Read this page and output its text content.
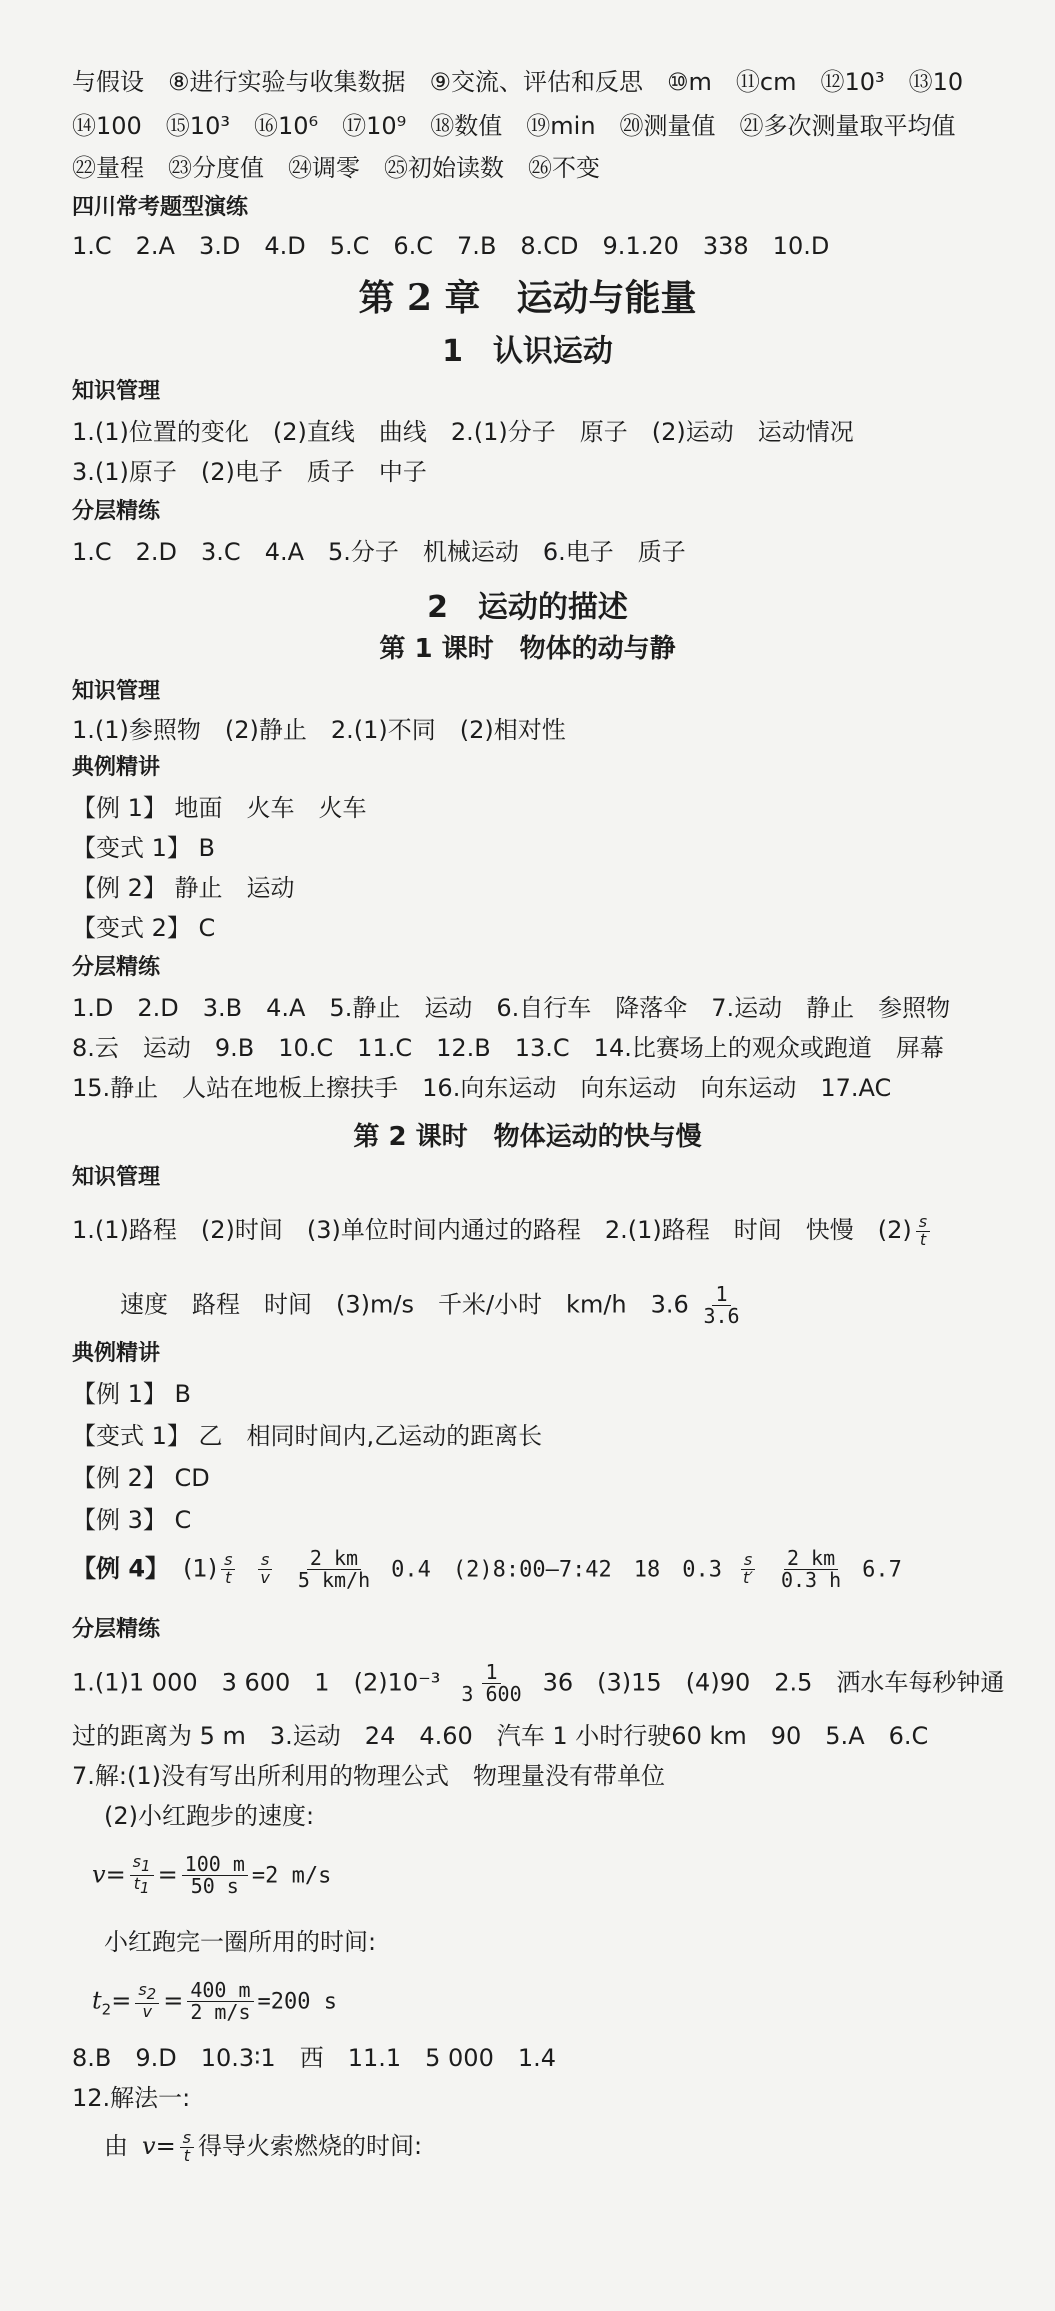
与假设　⑧进行实验与收集数据　⑨交流、评估和反思　⑩m　⑪cm　⑫10³　⑬10
⑭100　⑮10³　⑯10⁶　⑰10⁹　⑱数值　⑲min　⑳测量值　㉑多次测量取平均值
㉒量程　㉓分度值　㉔调零　㉕初始读数　㉖不变
四川常考题型演练
1.C　2.A　3.D　4.D　5.C　6.C　7.B　8.CD　9.1.20　338　10.D
第 2 章　运动与能量
1　认识运动
知识管理
1.(1)位置的变化　(2)直线　曲线　2.(1)分子　原子　(2)运动　运动情况
3.(1)原子　(2)电子　质子　中子
分层精练
1.C　2.D　3.C　4.A　5.分子　机械运动　6.电子　质子
2　运动的描述
第 1 课时　物体的动与静
知识管理
1.(1)参照物　(2)静止　2.(1)不同　(2)相对性
典例精讲
【例 1】 地面　火车　火车
【变式 1】 B
【例 2】 静止　运动
【变式 2】 C
分层精练
1.D　2.D　3.B　4.A　5.静止　运动　6.自行车　降落伞　7.运动　静止　参照物
8.云　运动　9.B　10.C　11.C　12.B　13.C　14.比赛场上的观众或跑道　屏幕
15.静止　人站在地板上擦扶手　16.向东运动　向东运动　向东运动　17.AC
第 2 课时　物体运动的快与慢
知识管理
1.(1)路程　(2)时间　(3)单位时间内通过的路程　2.(1)路程　时间　快慢　$(2) \frac{s}{t}$
速度　路程　时间　(3)m/s　千米/小时　km/h　$3.6 \frac{1}{3.6}$
典例精讲
【例 1】 B
【变式 1】 乙　相同时间内,乙运动的距离长
【例 2】 CD
【例 3】 C
【例 4】 $(1) \frac{s}{t} \frac{s}{v} \frac{2 km}{5 km/h} 0.4$　(2)8:00—7:42　18　$0.3 \frac{s}{t'} \frac{2 km}{0.3 h} 6.7$
分层精练
1.(1)1 000　3 600　1　$(2)10^{-3} \frac{1}{3 600} 36$　(3)15　(4)90　2.5　洒水车每秒钟通
过的距离为 5 m　3.运动　24　4.60　汽车 1 小时行驶60 km　90　5.A　6.C
7.解:(1)没有写出所利用的物理公式　物理量没有带单位
(2)小红跑步的速度:
$v= \frac{s_1}{t_1} = \frac{100 m}{50 s} =2$ m/s
小红跑完一圈所用的时间:
$t_2= \frac{s_2}{v} = \frac{400 m}{2 m/s} =200$ s
8.B　9.D　10.3∶1　西　11.1　5 000　1.4
12.解法一:
由 $v= \frac{s}{t}$ 得导火索燃烧的时间:
